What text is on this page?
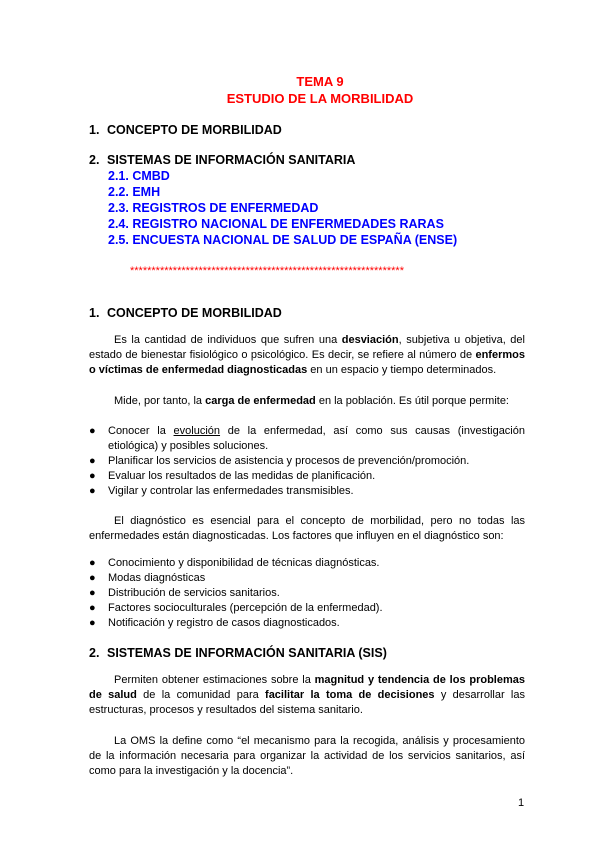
TEMA 9
ESTUDIO DE LA MORBILIDAD
1. CONCEPTO DE MORBILIDAD
2. SISTEMAS DE INFORMACIÓN SANITARIA
2.1. CMBD
2.2. EMH
2.3. REGISTROS DE ENFERMEDAD
2.4. REGISTRO NACIONAL DE ENFERMEDADES RARAS
2.5. ENCUESTA NACIONAL DE SALUD DE ESPAÑA (ENSE)
****************************************************************
1. CONCEPTO DE MORBILIDAD
Es la cantidad de individuos que sufren una desviación, subjetiva u objetiva, del estado de bienestar fisiológico o psicológico. Es decir, se refiere al número de enfermos o víctimas de enfermedad diagnosticadas en un espacio y tiempo determinados.
Mide, por tanto, la carga de enfermedad en la población. Es útil porque permite:
● Conocer la evolución de la enfermedad, así como sus causas (investigación etiológica) y posibles soluciones.
● Planificar los servicios de asistencia y procesos de prevención/promoción.
● Evaluar los resultados de las medidas de planificación.
● Vigilar y controlar las enfermedades transmisibles.
El diagnóstico es esencial para el concepto de morbilidad, pero no todas las enfermedades están diagnosticadas. Los factores que influyen en el diagnóstico son:
● Conocimiento y disponibilidad de técnicas diagnósticas.
● Modas diagnósticas
● Distribución de servicios sanitarios.
● Factores socioculturales (percepción de la enfermedad).
● Notificación y registro de casos diagnosticados.
2. SISTEMAS DE INFORMACIÓN SANITARIA (SIS)
Permiten obtener estimaciones sobre la magnitud y tendencia de los problemas de salud de la comunidad para facilitar la toma de decisiones y desarrollar las estructuras, procesos y resultados del sistema sanitario.
La OMS la define como “el mecanismo para la recogida, análisis y procesamiento de la información necesaria para organizar la actividad de los servicios sanitarios, así como para la investigación y la docencia”.
1
